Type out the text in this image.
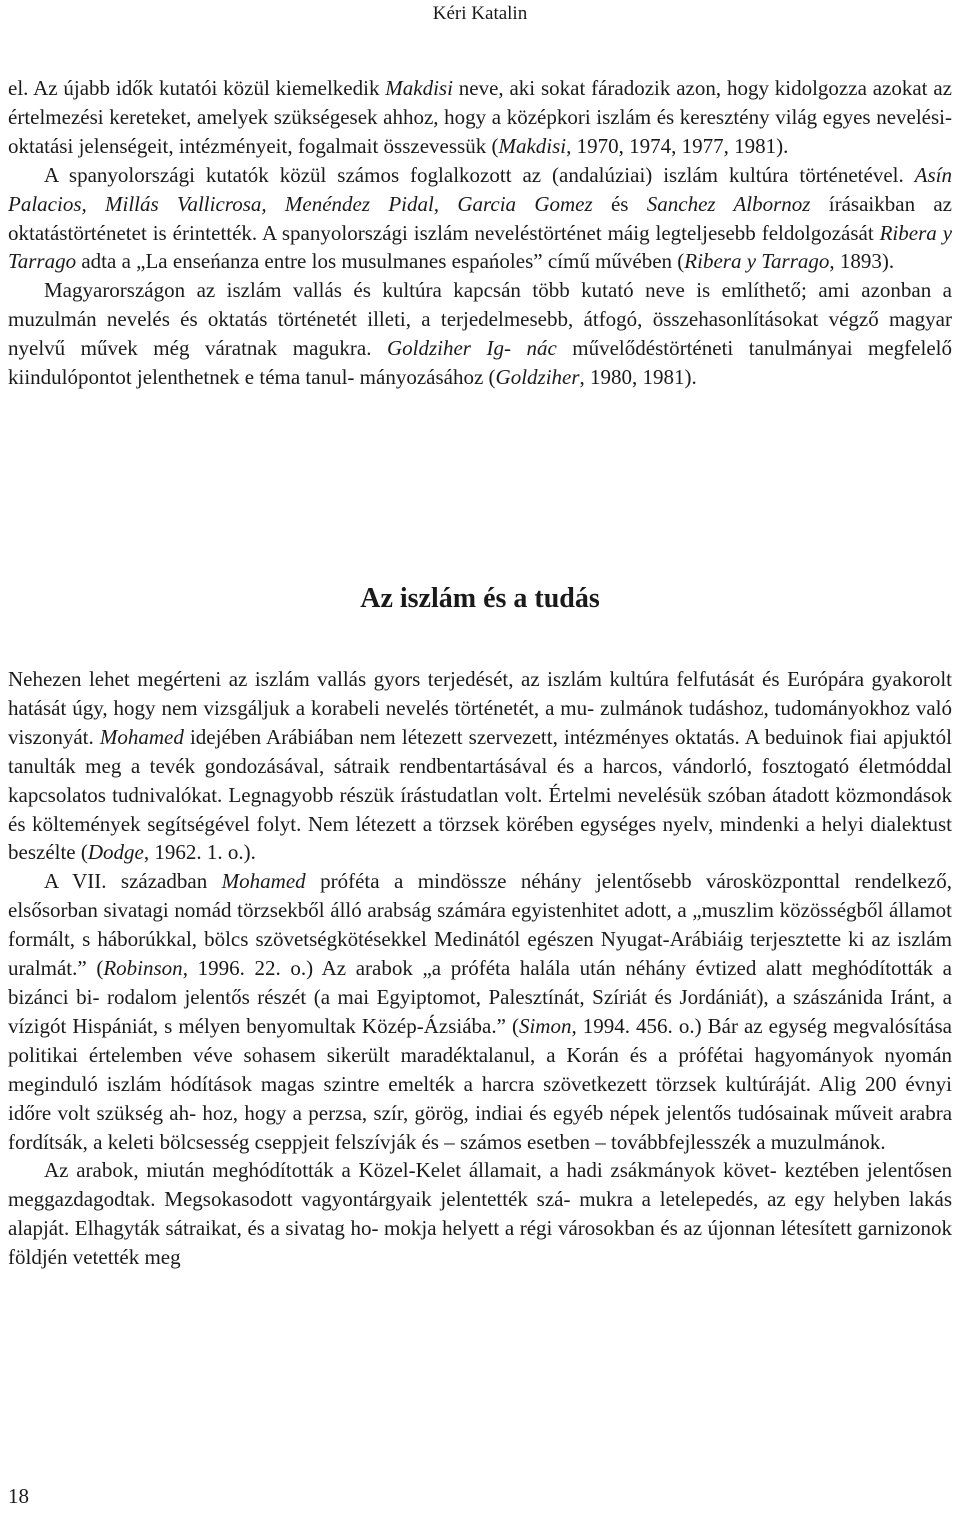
Kéri Katalin

el. Az újabb idők kutatói közül kiemelkedik Makdisi neve, aki sokat fáradozik azon, hogy kidolgozza azokat az értelmezési kereteket, amelyek szükségesek ahhoz, hogy a középkori iszlám és keresztény világ egyes nevelési-oktatási jelenségeit, intézményeit, fogalmait összevessük (Makdisi, 1970, 1974, 1977, 1981).

A spanyolországi kutatók közül számos foglalkozott az (andalúziai) iszlám kultúra történetével. Asín Palacios, Millás Vallicrosa, Menéndez Pidal, Garcia Gomez és Sanchez Albornoz írásaikban az oktatástörténetet is érintették. A spanyolországi iszlám neveléstörténet máig legteljesebb feldolgozását Ribera y Tarrago adta a „La enseńanza entre los musulmanes espańoles” című művében (Ribera y Tarrago, 1893).

Magyarországon az iszlám vallás és kultúra kapcsán több kutató neve is említhető; ami azonban a muzulmán nevelés és oktatás történetét illeti, a terjedelmesebb, átfogó, összehasonlításokat végző magyar nyelvű művek még váratnak magukra. Goldziher Ig- nác művelődéstörténeti tanulmányai megfelelő kiindulópontot jelenthetnek e téma tanul- mányozásához (Goldziher, 1980, 1981).

Az iszlám és a tudás

Nehezen lehet megérteni az iszlám vallás gyors terjedését, az iszlám kultúra felfutását és Európára gyakorolt hatását úgy, hogy nem vizsgáljuk a korabeli nevelés történetét, a mu- zulmánok tudáshoz, tudományokhoz való viszonyát. Mohamed idejében Arábiában nem létezett szervezett, intézményes oktatás. A beduinok fiai apjuktól tanulták meg a tevék gondozásával, sátraik rendbentartásával és a harcos, vándorló, fosztogató életmóddal kapcsolatos tudnivalókat. Legnagyobb részük írástudatlan volt. Értelmi nevelésük szóban átadott közmondások és költemények segítségével folyt. Nem létezett a törzsek körében egységes nyelv, mindenki a helyi dialektust beszélte (Dodge, 1962. 1. o.).

A VII. században Mohamed próféta a mindössze néhány jelentősebb városközponttal rendelkező, elsősorban sivatagi nomád törzsekből álló arabság számára egyistenhitet adott, a „muszlim közösségből államot formált, s háborúkkal, bölcs szövetségkötésekkel Medinától egészen Nyugat-Arábiáig terjesztette ki az iszlám uralmát.” (Robinson, 1996. 22. o.) Az arabok „a próféta halála után néhány évtized alatt meghódították a bizánci bi- rodalom jelentős részét (a mai Egyiptomot, Palesztínát, Szíriát és Jordániát), a szászánida Iránt, a vízigót Hispániát, s mélyen benyomultak Közép-Ázsiába.” (Simon, 1994. 456. o.) Bár az egység megvalósítása politikai értelemben véve sohasem sikerült maradéktalanul, a Korán és a prófétai hagyományok nyomán meginduló iszlám hódítások magas szintre emelték a harcra szövetkezett törzsek kultúráját. Alig 200 évnyi időre volt szükség ah- hoz, hogy a perzsa, szír, görög, indiai és egyéb népek jelentős tudósainak műveit arabra fordítsák, a keleti bölcsesség cseppjeit felszívják és – számos esetben – továbbfejlesszék a muzulmánok.

Az arabok, miután meghódították a Közel-Kelet államait, a hadi zsákmányok követ- keztében jelentősen meggazdagodtak. Megsokasodott vagyontárgyaik jelentették szá- mukra a letelepedés, az egy helyben lakás alapját. Elhagyták sátraikat, és a sivatag ho- mokja helyett a régi városokban és az újonnan létesített garnizonok földjén vetették meg

18
